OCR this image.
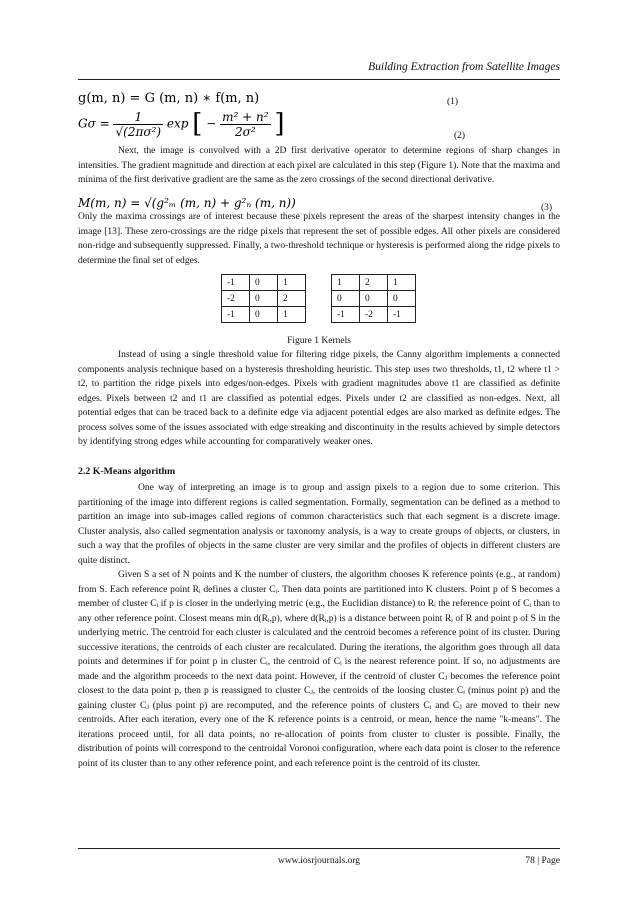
Building Extraction from Satellite Images
g(m, n) = G (m, n) ∗ f(m, n)	(1)
$G\sigma = \frac{1}{\text{√(2πσ²)}}$ exp [ − $\frac{\text{m² + n²}}{\text{2σ²}}$ ]	(2)

Next, the image is convolved with a 2D first derivative operator to determine regions of sharp changes in intensities. The gradient magnitude and direction at each pixel are calculated in this step (Figure 1). Note that the maxima and minima of the first derivative gradient are the same as the zero crossings of the second directional derivative.

M(m, n) = √(g²ₘ (m, n) + g²ₙ (m, n))	(3)

Only the maxima crossings are of interest because these pixels represent the areas of the sharpest intensity changes in the image [13]. These zero-crossings are the ridge pixels that represent the set of possible edges. All other pixels are considered non-ridge and subsequently suppressed. Finally, a two-threshold technique or hysteresis is performed along the ridge pixels to determine the final set of edges.

-1	0	1
-2	0	2
-1	0	1
1	2	1
0	0	0
-1	-2	-1
Figure 1 Kernels

Instead of using a single threshold value for filtering ridge pixels, the Canny algorithm implements a connected components analysis technique based on a hysteresis thresholding heuristic. This step uses two thresholds, t1, t2 where t1 > t2, to partition the ridge pixels into edges/non-edges. Pixels with gradient magnitudes above t1 are classified as definite edges. Pixels between t2 and t1 are classified as potential edges. Pixels under t2 are classified as non-edges. Next, all potential edges that can be traced back to a definite edge via adjacent potential edges are also marked as definite edges. The process solves some of the issues associated with edge streaking and discontinuity in the results achieved by simple detectors by identifying strong edges while accounting for comparatively weaker ones.

2.2 K-Means algorithm

One way of interpreting an image is to group and assign pixels to a region due to some criterion. This partitioning of the image into different regions is called segmentation. Formally, segmentation can be defined as a method to partition an image into sub-images called regions of common characteristics such that each segment is a discrete image. Cluster analysis, also called segmentation analysis or taxonomy analysis, is a way to create groups of objects, or clusters, in such a way that the profiles of objects in the same cluster are very similar and the profiles of objects in different clusters are quite distinct.

Given S a set of N points and K the number of clusters, the algorithm chooses K reference points (e.g., at random) from S. Each reference point Rᵢ defines a cluster Cᵢ. Then data points are partitioned into K clusters. Point p of S becomes a member of cluster Cᵢ if p is closer in the underlying metric (e.g., the Euclidian distance) to Rᵢ the reference point of Cᵢ than to any other reference point. Closest means min d(Rᵢ,p), where d(Rᵢ,p) is a distance between point Rᵢ of R and point p of S in the underlying metric. The centroid for each cluster is calculated and the centroid becomes a reference point of its cluster. During successive iterations, the centroids of each cluster are recalculated. During the iterations, the algorithm goes through all data points and determines if for point p in cluster Cᵢ, the centroid of Cᵢ is the nearest reference point. If so, no adjustments are made and the algorithm proceeds to the next data point. However, if the centroid of cluster Cⱼ becomes the reference point closest to the data point p, then p is reassigned to cluster Cⱼ, the centroids of the loosing cluster Cᵢ (minus point p) and the gaining cluster Cⱼ (plus point p) are recomputed, and the reference points of clusters Cᵢ and Cⱼ are moved to their new centroids. After each iteration, every one of the K reference points is a centroid, or mean, hence the name "k-means". The iterations proceed until, for all data points, no re-allocation of points from cluster to cluster is possible. Finally, the distribution of points will correspond to the centroidal Voronoi configuration, where each data point is closer to the reference point of its cluster than to any other reference point, and each reference point is the centroid of its cluster.

www.iosrjournals.org	78 | Page
